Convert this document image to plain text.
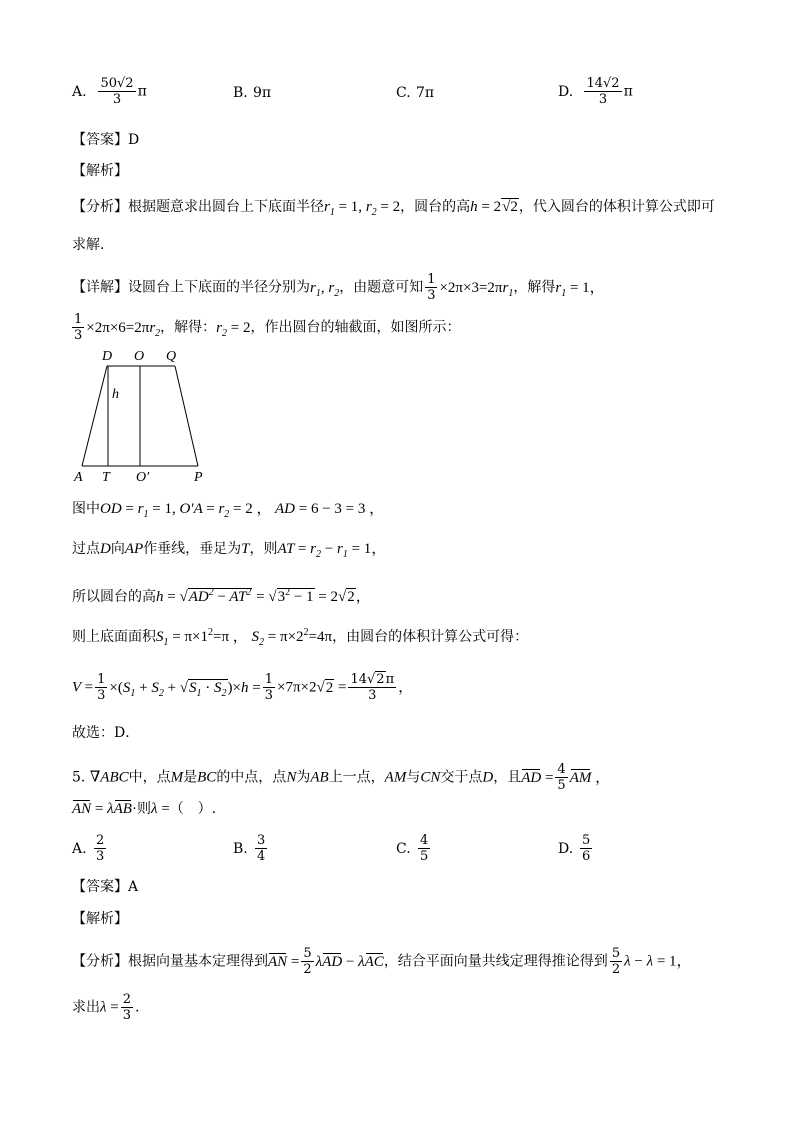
A. $\frac{50√2}{3}$ π	B. 9π	C. 7π	D. $\frac{14√2}{3}$ π
【答案】D
【解析】
【分析】根据题意求出圆台上下底面半径$r_1 = 1$, $r_2 = 2$，圆台的高h = 2√2，代入圆台的体积计算公式即可
求解.
【详解】设圆台上下底面的半径分别为$r_1$, $r_2$，由题意可知 $\frac{1}{3} \times 2\pi\times 3=2\pi r_1$，解得$r_1 = 1$，
$\frac{1}{3} \times 2\pi\times 6=2\pi r_2$，解得：$r_2 = 2$，作出圆台的轴截面，如图所示：
D O Q
h
A T O′	P
图中OD = $r_1 = 1$, $O'A = r_2 = 2$ ， AD = 6 − 3 = 3 ，
过点D向AP作垂线，垂足为T，则AT = $r_2 - r_1 = 1$，
所以圆台的高$h = √AD^2 - AT^2 = √3^2 - 1 = 2√2$，
则上底面面积$S_1 = \pi\times 1^2=\pi$ ， $S_2 = \pi\times 2^2=4\pi$，由圆台的体积计算公式可得：
$V = \frac{1}{3} \times(S_1 + S_2 + √S_1 \cdot S_2)\times h = \frac{1}{3} \times 7\pi\times 2√2 = \frac{14√2\pi}{3}$ ，
故选：D．
5. ∇ABC中，点M是BC的中点，点N为AB上一点，AM与CN交于点D，且AD = $\frac{4}{5}$ AM ，
AN = λAB·则λ =（　）.
A. $\frac{2}{3}$	B. $\frac{3}{4}$	C. $\frac{4}{5}$	D. $\frac{5}{6}$
【答案】A
【解析】
【分析】根据向量基本定理得到AN = $\frac{5}{2}$ λAD − λAC，结合平面向量共线定理得推论得到 $\frac{5}{2}$ λ − λ = 1，
求出$\lambda = \frac{2}{3}$ .
